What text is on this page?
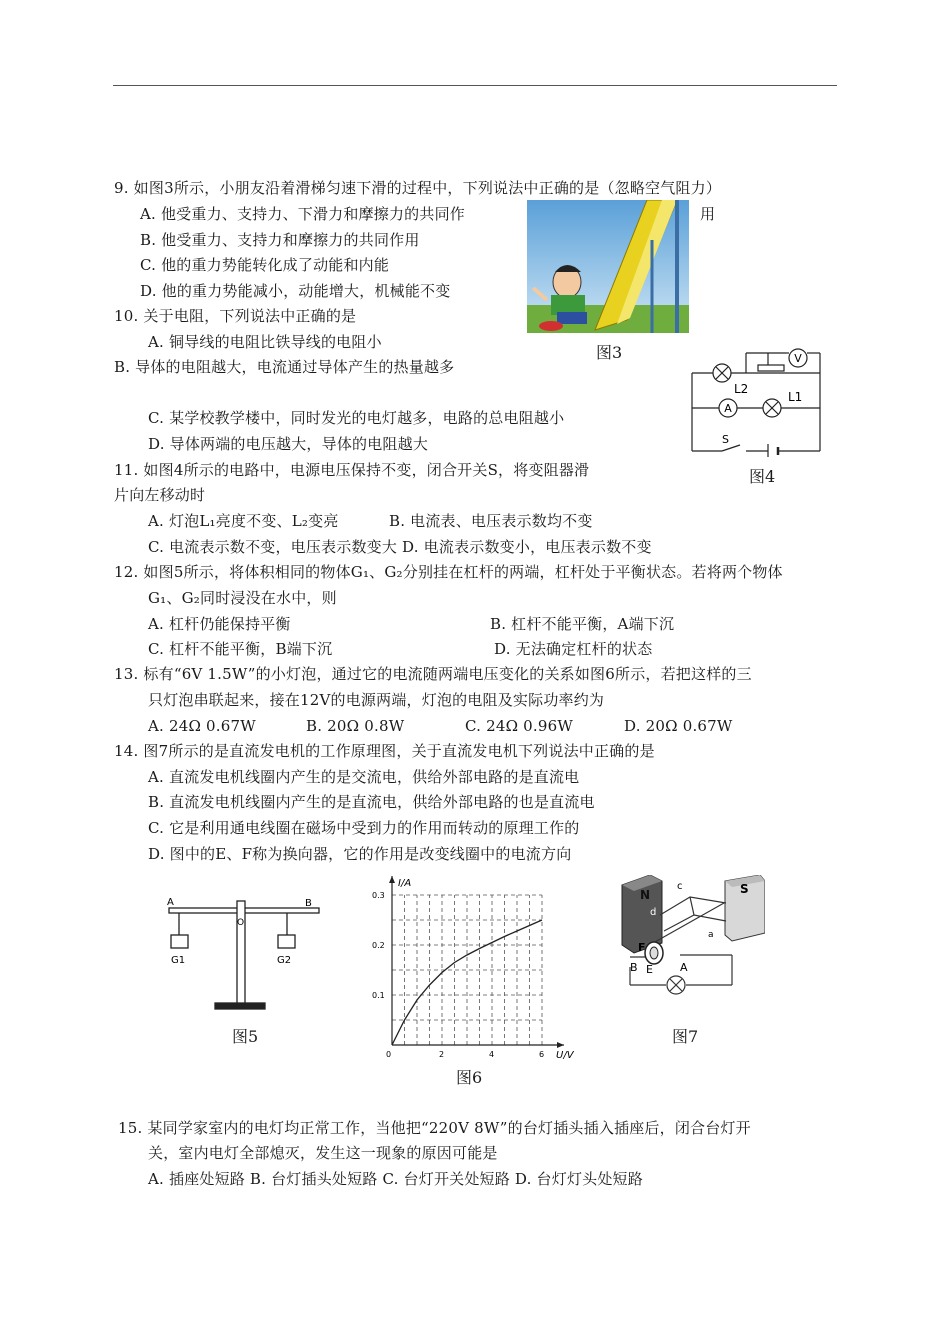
9. 如图3所示，小朋友沿着滑梯匀速下滑的过程中，下列说法中正确的是（忽略空气阻力）
A. 他受重力、支持力、下滑力和摩擦力的共同作	用
B. 他受重力、支持力和摩擦力的共同作用
C. 他的重力势能转化成了动能和内能
D. 他的重力势能减小，动能增大，机械能不变
图3
10. 关于电阻，下列说法中正确的是
A. 铜导线的电阻比铁导线的电阻小
B. 导体的电阻越大，电流通过导体产生的热量越多
C. 某学校教学楼中，同时发光的电灯越多，电路的总电阻越小
D. 导体两端的电压越大，导体的电阻越大
V
A
L1
L2
S
图4
11. 如图4所示的电路中，电源电压保持不变，闭合开关S，将变阻器滑
片向左移动时
A. 灯泡L₁亮度不变、L₂变亮	B. 电流表、电压表示数均不变
C. 电流表示数不变，电压表示数变大 D. 电流表示数变小，电压表示数不变
12. 如图5所示，将体积相同的物体G₁、G₂分别挂在杠杆的两端，杠杆处于平衡状态。若将两个物体
G₁、G₂同时浸没在水中，则
A. 杠杆仍能保持平衡	B. 杠杆不能平衡，A端下沉
C. 杠杆不能平衡，B端下沉	D. 无法确定杠杆的状态
13. 标有“6V 1.5W”的小灯泡，通过它的电流随两端电压变化的关系如图6所示，若把这样的三
只灯泡串联起来，接在12V的电源两端，灯泡的电阻及实际功率约为
A. 24Ω 0.67W	B. 20Ω 0.8W	C. 24Ω 0.96W	D. 20Ω 0.67W
14. 图7所示的是直流发电机的工作原理图，关于直流发电机下列说法中正确的是
A. 直流发电机线圈内产生的是交流电，供给外部电路的是直流电
B. 直流发电机线圈内产生的是直流电，供给外部电路的也是直流电
C. 它是利用通电线圈在磁场中受到力的作用而转动的原理工作的
D. 图中的E、F称为换向器，它的作用是改变线圈中的电流方向
A	B
O
G1	G2
图5
I/A
U/V
0	2	4	6
0.1
0.2
0.3
图6
N	S
c
d
a
F
B E A
图7
15. 某同学家室内的电灯均正常工作，当他把“220V 8W”的台灯插头插入插座后，闭合台灯开
关，室内电灯全部熄灭，发生这一现象的原因可能是
A. 插座处短路 B. 台灯插头处短路 C. 台灯开关处短路 D. 台灯灯头处短路
